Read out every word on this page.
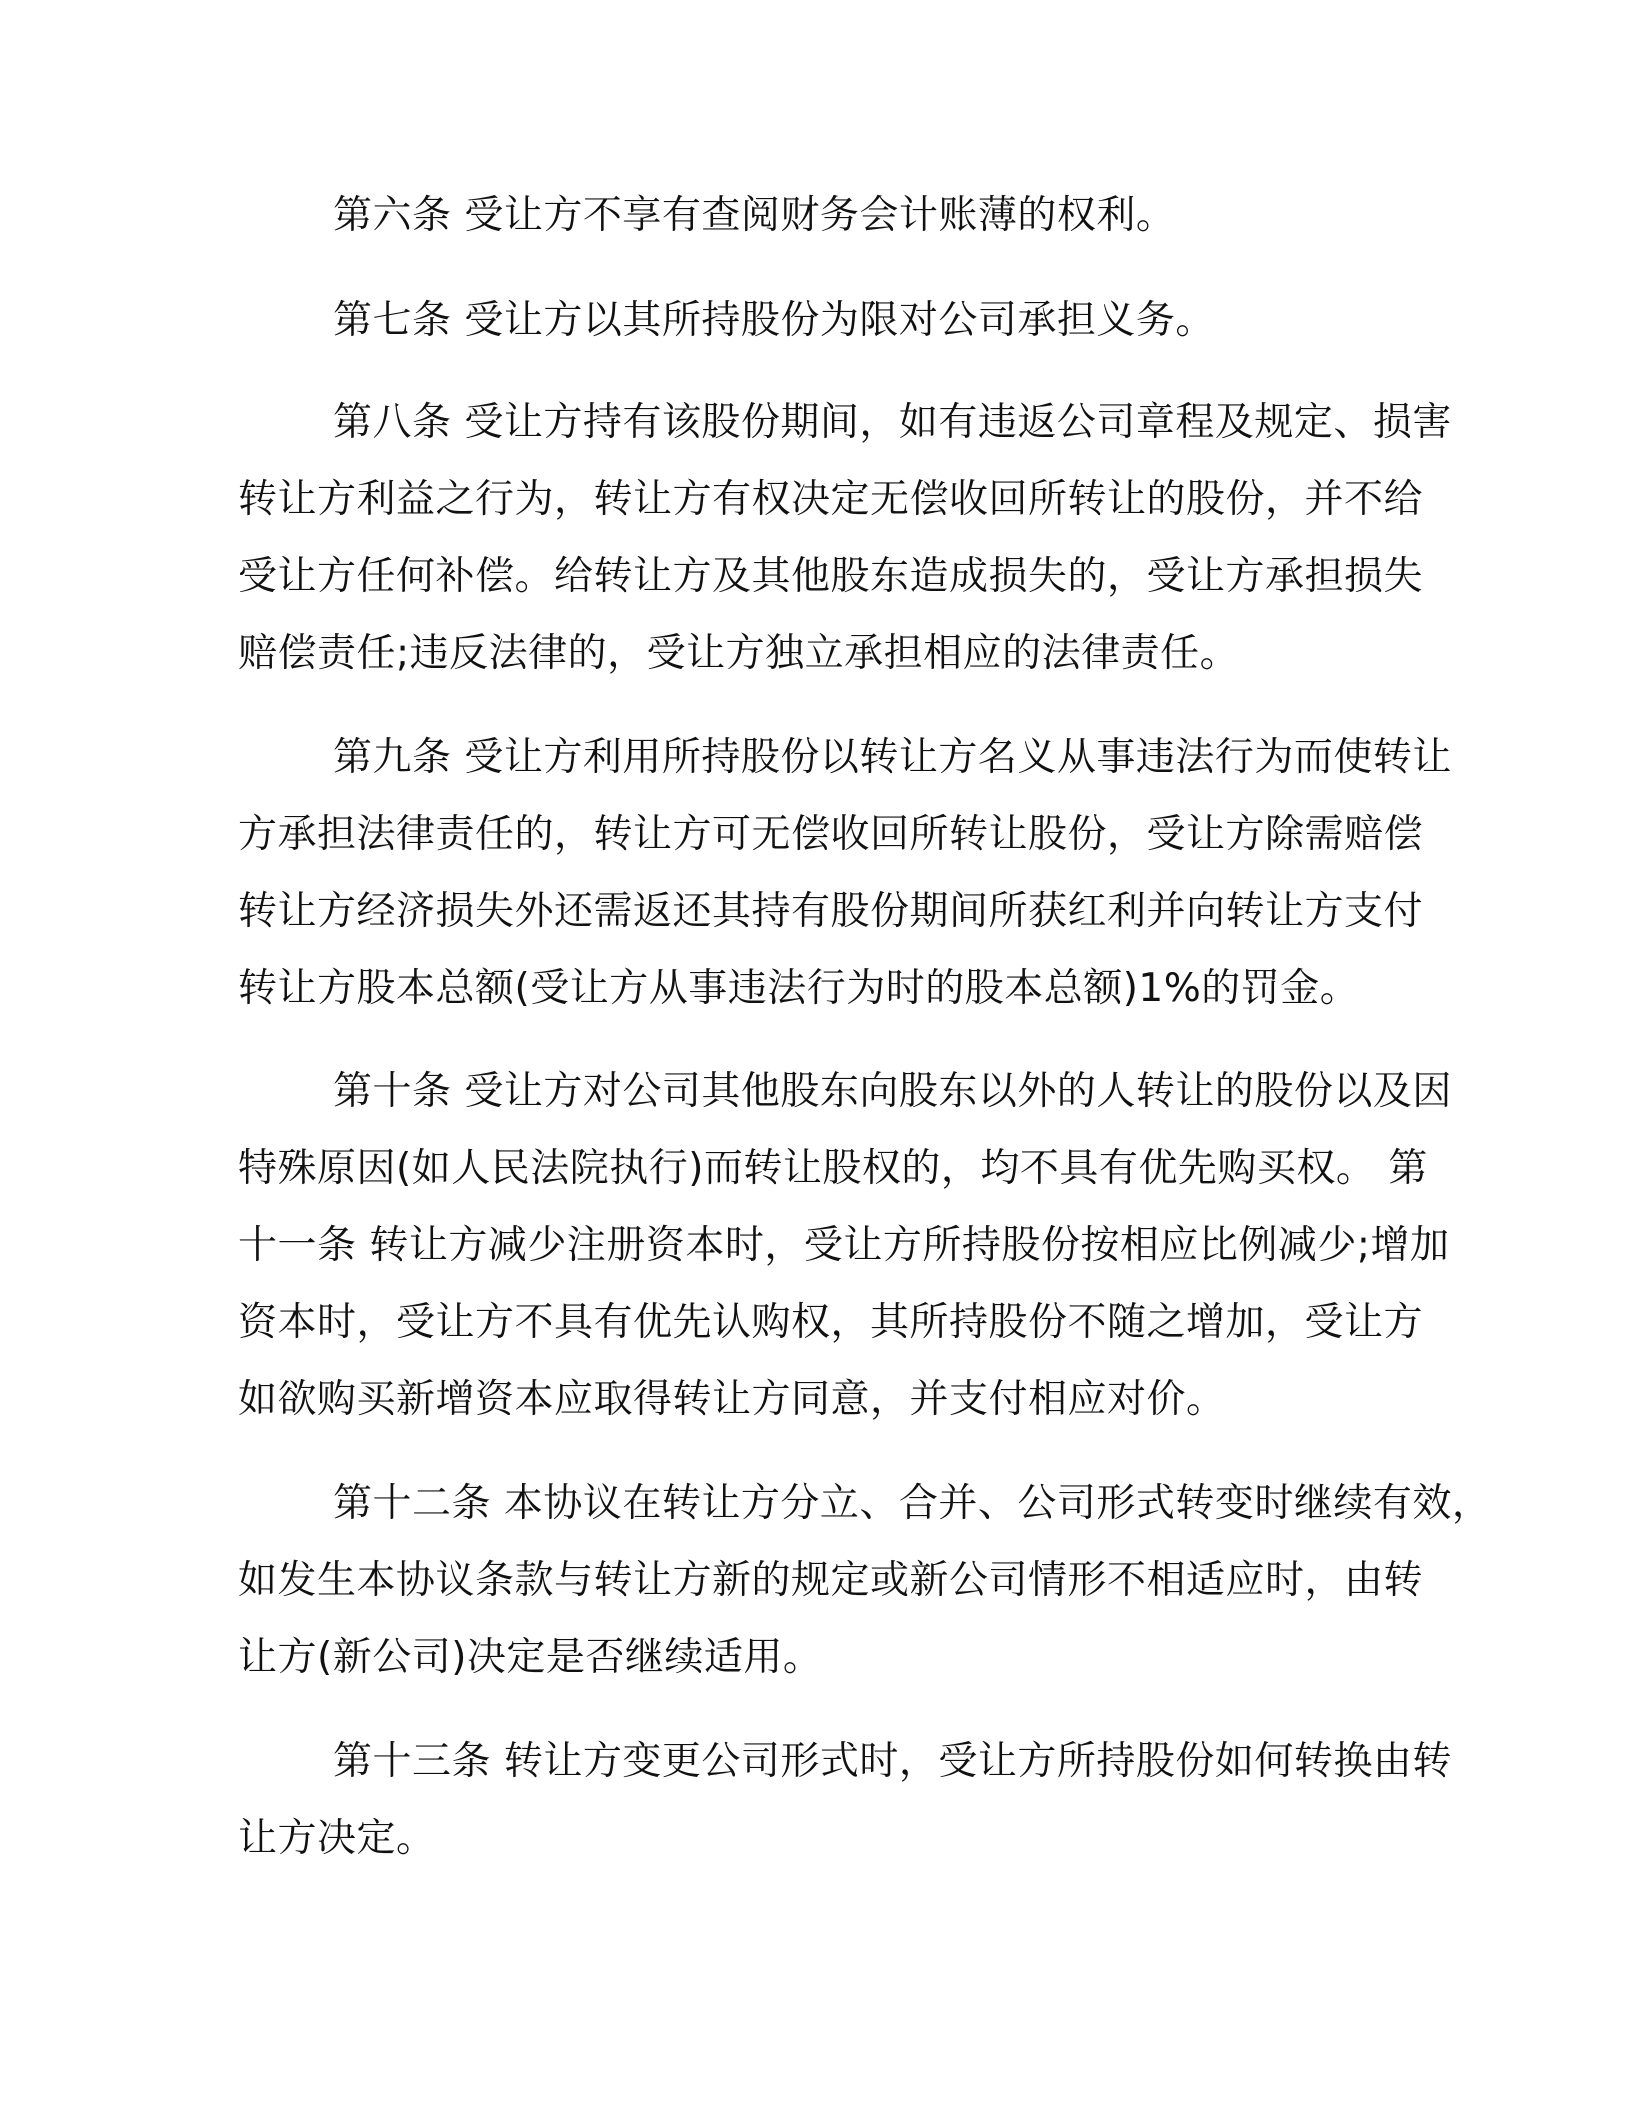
第六条 受让方不享有查阅财务会计账薄的权利。
第七条 受让方以其所持股份为限对公司承担义务。
第八条 受让方持有该股份期间，如有违返公司章程及规定、损害
转让方利益之行为，转让方有权决定无偿收回所转让的股份，并不给
受让方任何补偿。给转让方及其他股东造成损失的，受让方承担损失
赔偿责任;违反法律的，受让方独立承担相应的法律责任。
第九条 受让方利用所持股份以转让方名义从事违法行为而使转让
方承担法律责任的，转让方可无偿收回所转让股份，受让方除需赔偿
转让方经济损失外还需返还其持有股份期间所获红利并向转让方支付
转让方股本总额(受让方从事违法行为时的股本总额)1%的罚金。
第十条 受让方对公司其他股东向股东以外的人转让的股份以及因
特殊原因(如人民法院执行)而转让股权的，均不具有优先购买权。 第
十一条 转让方减少注册资本时，受让方所持股份按相应比例减少;增加
资本时，受让方不具有优先认购权，其所持股份不随之增加，受让方
如欲购买新增资本应取得转让方同意，并支付相应对价。
第十二条 本协议在转让方分立、合并、公司形式转变时继续有效，
如发生本协议条款与转让方新的规定或新公司情形不相适应时，由转
让方(新公司)决定是否继续适用。
第十三条 转让方变更公司形式时，受让方所持股份如何转换由转
让方决定。
